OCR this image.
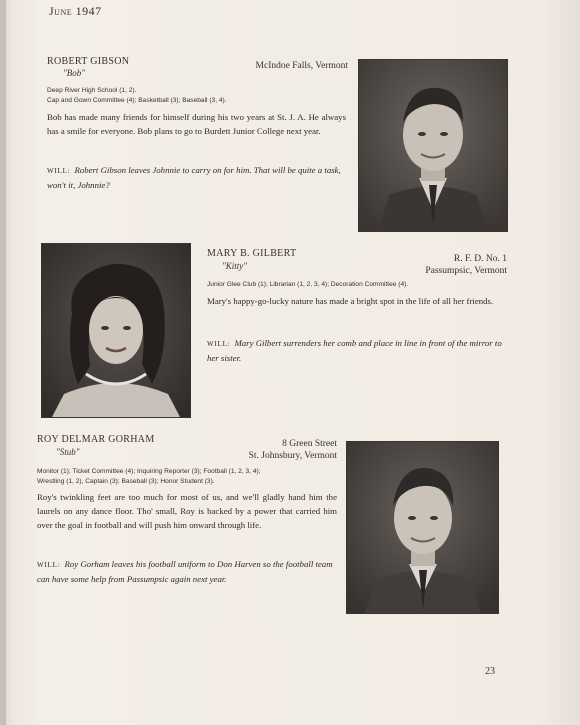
June 1947
ROBERT GIBSON
"Bob"
McIndoe Falls, Vermont
Deep River High School (1, 2).
Cap and Gown Committee (4); Basketball (3); Baseball (3, 4).
Bob has made many friends for himself during his two years at St. J. A. He always has a smile for everyone. Bob plans to go to Burdett Junior College next year.
WILL: Robert Gibson leaves Johnnie to carry on for him. That will be quite a task, won't it, Johnnie?
MARY B. GILBERT
"Kitty"
R. F. D. No. 1
Passumpsic, Vermont
Junior Glee Club (1); Librarian (1, 2, 3, 4); Decoration Committee (4).
Mary's happy-go-lucky nature has made a bright spot in the life of all her friends.
WILL: Mary Gilbert surrenders her comb and place in line in front of the mirror to her sister.
ROY DELMAR GORHAM
"Stub"
8 Green Street
St. Johnsbury, Vermont
Monitor (1); Ticket Committee (4); Inquiring Reporter (3); Football (1, 2, 3, 4);
Wrestling (1, 2), Captain (3); Baseball (3); Honor Student (3).
Roy's twinkling feet are too much for most of us, and we'll gladly hand him the laurels on any dance floor. Tho' small, Roy is backed by a power that carried him over the goal in football and will push him onward through life.
WILL: Roy Gorham leaves his football uniform to Don Harven so the football team can have some help from Passumpsic again next year.
23
